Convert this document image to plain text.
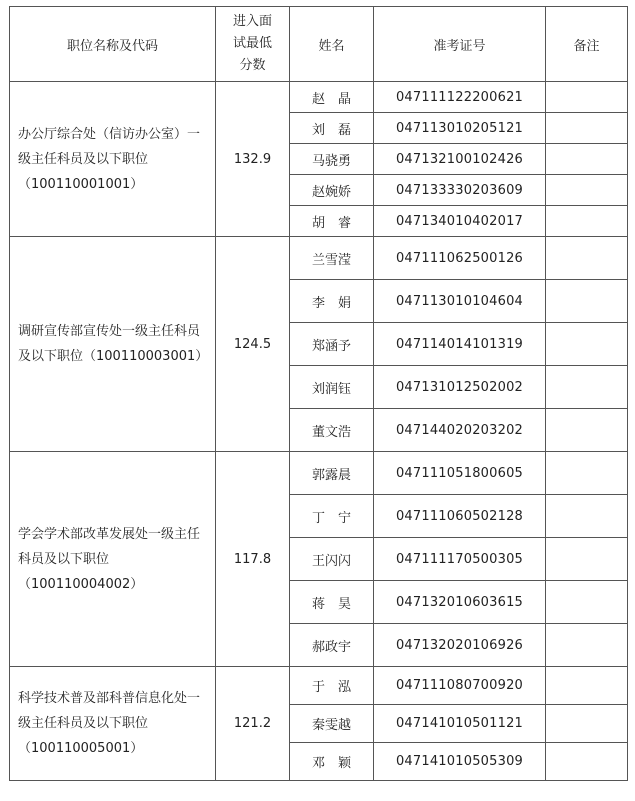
职位名称及代码	进入面试最低分数	姓名	准考证号	备注
办公厅综合处（信访办公室）一级主任科员及以下职位（100110001001）	132.9	赵　晶	047111122200621	
		刘　磊	047113010205121	
		马骁勇	047132100102426	
		赵婉娇	047133330203609	
		胡　睿	047134010402017	
调研宣传部宣传处一级主任科员及以下职位（100110003001）	124.5	兰雪滢	047111062500126	
		李　娟	047113010104604	
		郑涵予	047114014101319	
		刘润钰	047131012502002	
		董文浩	047144020203202	
学会学术部改革发展处一级主任科员及以下职位（100110004002）	117.8	郭露晨	047111051800605	
		丁　宁	047111060502128	
		王闪闪	047111170500305	
		蒋　昊	047132010603615	
		郝政宇	047132020106926	
科学技术普及部科普信息化处一级主任科员及以下职位（100110005001）	121.2	于　泓	047111080700920	
		秦雯越	047141010501121	
		邓　颖	047141010505309	
